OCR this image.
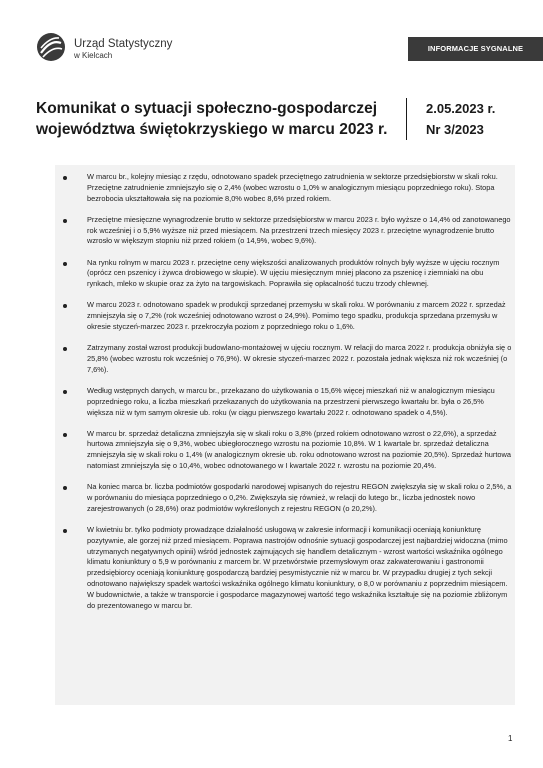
Urząd Statystyczny
w Kielcach
INFORMACJE SYGNALNE
Komunikat o sytuacji społeczno-gospodarczej
województwa świętokrzyskiego w marcu 2023 r.
2.05.2023 r.
Nr 3/2023
W marcu br., kolejny miesiąc z rzędu, odnotowano spadek przeciętnego zatrudnienia w sektorze przedsiębiorstw w skali roku. Przeciętne zatrudnienie zmniejszyło się o 2,4% (wobec wzrostu o 1,0% w analogicznym miesiącu poprzedniego roku). Stopa bezrobocia ukształtowała się na poziomie 8,0% wobec 8,6% przed rokiem.
Przeciętne miesięczne wynagrodzenie brutto w sektorze przedsiębiorstw w marcu 2023 r. było wyższe o 14,4% od zanotowanego rok wcześniej i o 5,9% wyższe niż przed miesiącem. Na przestrzeni trzech miesięcy 2023 r. przeciętne wynagrodzenie brutto wzrosło w większym stopniu niż przed rokiem (o 14,9%, wobec 9,6%).
Na rynku rolnym w marcu 2023 r. przeciętne ceny większości analizowanych produktów rolnych były wyższe w ujęciu rocznym (oprócz cen pszenicy i żywca drobiowego w skupie). W ujęciu miesięcznym mniej płacono za pszenicę i ziemniaki na obu rynkach, mleko w skupie oraz za żyto na targowiskach. Poprawiła się opłacalność tuczu trzody chlewnej.
W marcu 2023 r. odnotowano spadek w produkcji sprzedanej przemysłu w skali roku. W porównaniu z marcem 2022 r. sprzedaż zmniejszyła się o 7,2% (rok wcześniej odnotowano wzrost o 24,9%). Pomimo tego spadku, produkcja sprzedana przemysłu w okresie styczeń-marzec 2023 r. przekroczyła poziom z poprzedniego roku o 1,6%.
Zatrzymany został wzrost produkcji budowlano-montażowej w ujęciu rocznym. W relacji do marca 2022 r. produkcja obniżyła się o 25,8% (wobec wzrostu rok wcześniej o 76,9%). W okresie styczeń-marzec 2022 r. pozostała jednak większa niż rok wcześniej (o 7,6%).
Według wstępnych danych, w marcu br., przekazano do użytkowania o 15,6% więcej mieszkań niż w analogicznym miesiącu poprzedniego roku, a liczba mieszkań przekazanych do użytkowania na przestrzeni pierwszego kwartału br. była o 26,5% większa niż w tym samym okresie ub. roku (w ciągu pierwszego kwartału 2022 r. odnotowano spadek o 4,5%).
W marcu br. sprzedaż detaliczna zmniejszyła się w skali roku o 3,8% (przed rokiem odnotowano wzrost o 22,6%), a sprzedaż hurtowa zmniejszyła się o 9,3%, wobec ubiegłorocznego wzrostu na poziomie 10,8%. W 1 kwartale br. sprzedaż detaliczna zmniejszyła się w skali roku o 1,4% (w analogicznym okresie ub. roku odnotowano wzrost na poziomie 20,5%). Sprzedaż hurtowa natomiast zmniejszyła się o 10,4%, wobec odnotowanego w I kwartale 2022 r. wzrostu na poziomie 20,4%.
Na koniec marca br. liczba podmiotów gospodarki narodowej wpisanych do rejestru REGON zwiększyła się w skali roku o 2,5%, a w porównaniu do miesiąca poprzedniego o 0,2%. Zwiększyła się również, w relacji do lutego br., liczba jednostek nowo zarejestrowanych (o 28,6%) oraz podmiotów wykreślonych z rejestru REGON (o 20,2%).
W kwietniu br. tylko podmioty prowadzące działalność usługową w zakresie informacji i komunikacji oceniają koniunkturę pozytywnie, ale gorzej niż przed miesiącem. Poprawa nastrojów odnośnie sytuacji gospodarczej jest najbardziej widoczna (mimo utrzymanych negatywnych opinii) wśród jednostek zajmujących się handlem detalicznym - wzrost wartości wskaźnika ogólnego klimatu koniunktury o 5,9 w porównaniu z marcem br. W przetwórstwie przemysłowym oraz zakwaterowaniu i gastronomii przedsiębiorcy oceniają koniunkturę gospodarczą bardziej pesymistycznie niż w marcu br. W przypadku drugiej z tych sekcji odnotowano największy spadek wartości wskaźnika ogólnego klimatu koniunktury, o 8,0 w porównaniu z poprzednim miesiącem. W budownictwie, a także w transporcie i gospodarce magazynowej wartość tego wskaźnika kształtuje się na poziomie zbliżonym do prezentowanego w marcu br.
1
